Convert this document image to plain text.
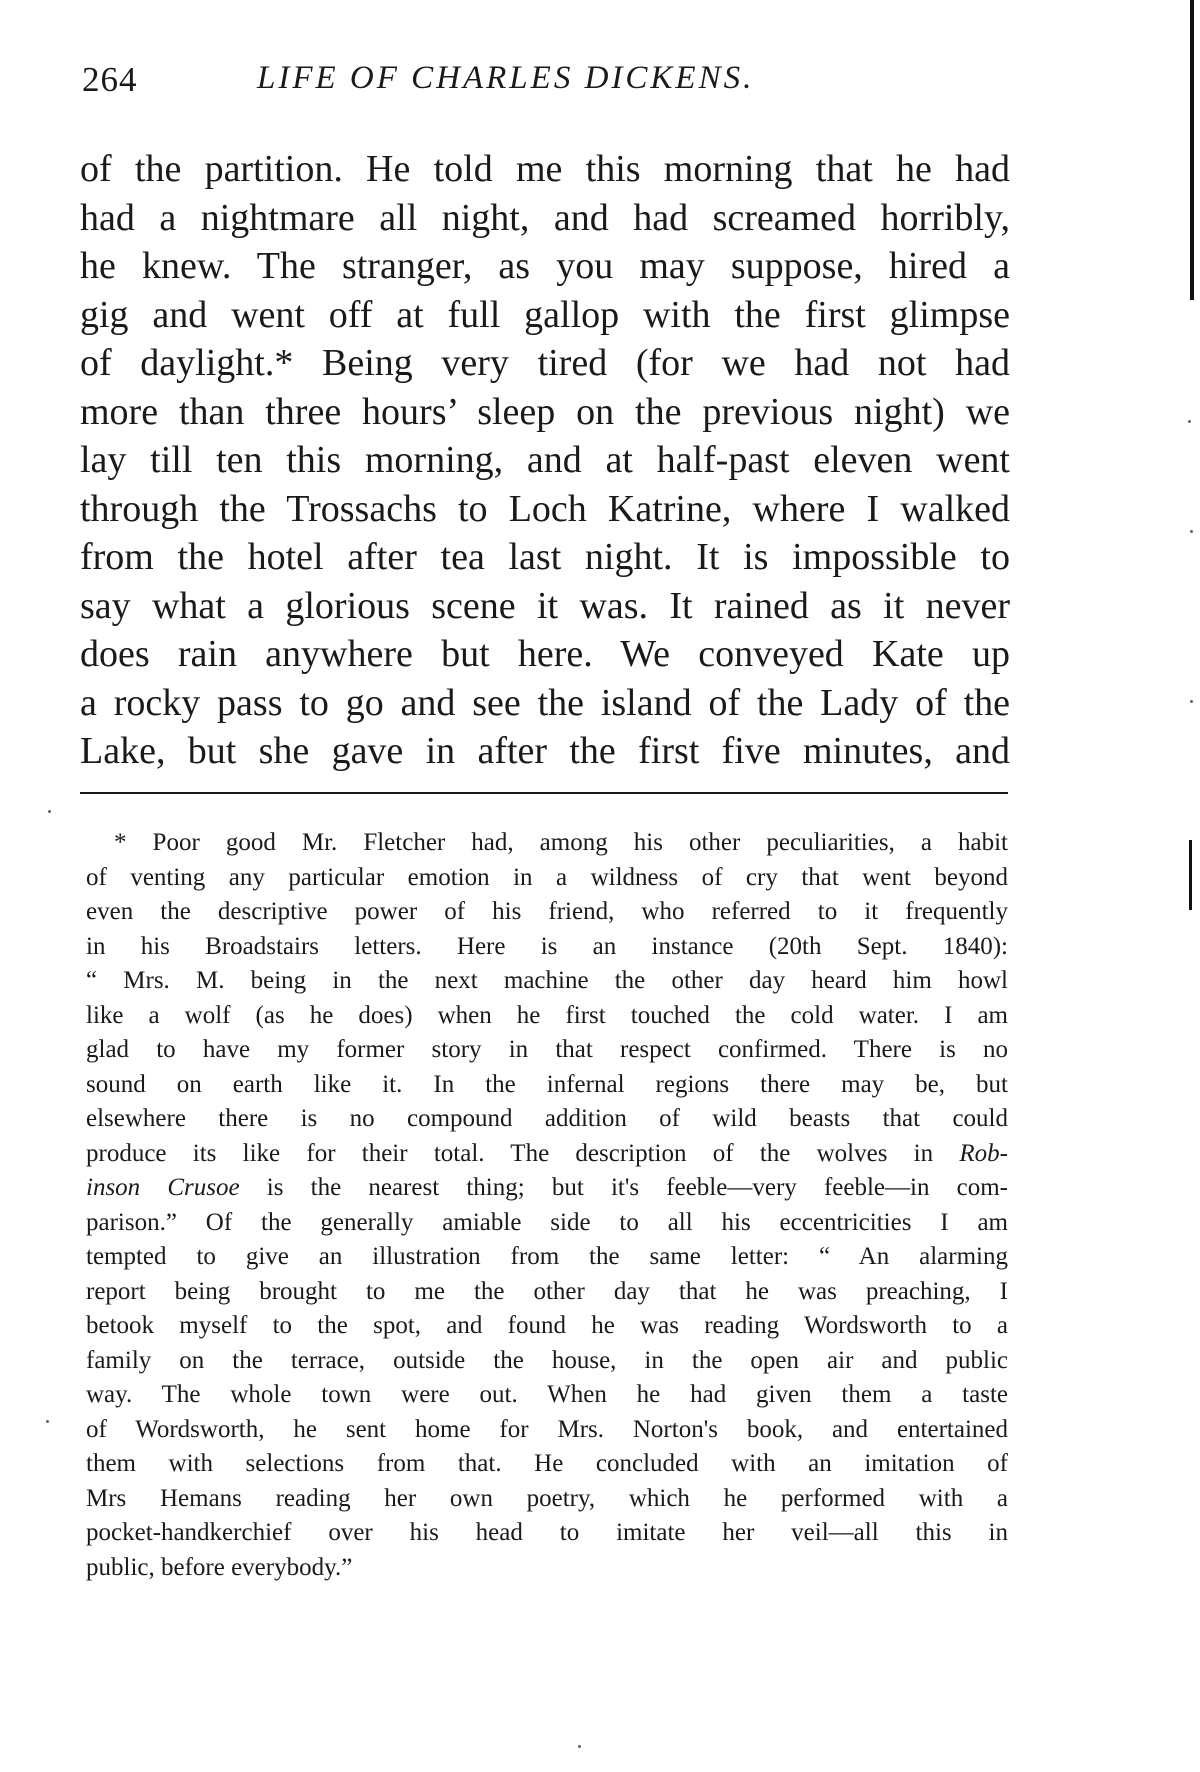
264	LIFE OF CHARLES DICKENS.
of the partition. He told me this morning that he had
had a nightmare all night, and had screamed horribly,
he knew. The stranger, as you may suppose, hired a
gig and went off at full gallop with the first glimpse
of daylight.* Being very tired (for we had not had
more than three hours’ sleep on the previous night) we
lay till ten this morning, and at half-past eleven went
through the Trossachs to Loch Katrine, where I walked
from the hotel after tea last night. It is impossible to
say what a glorious scene it was. It rained as it never
does rain anywhere but here. We conveyed Kate up
a rocky pass to go and see the island of the Lady of the
Lake, but she gave in after the first five minutes, and
* Poor good Mr. Fletcher had, among his other peculiarities, a habit
of venting any particular emotion in a wildness of cry that went beyond
even the descriptive power of his friend, who referred to it frequently
in his Broadstairs letters. Here is an instance (20th Sept. 1840):
“ Mrs. M. being in the next machine the other day heard him howl
like a wolf (as he does) when he first touched the cold water. I am
glad to have my former story in that respect confirmed. There is no
sound on earth like it. In the infernal regions there may be, but
elsewhere there is no compound addition of wild beasts that could
produce its like for their total. The description of the wolves in Rob-
inson Crusoe is the nearest thing; but it's feeble—very feeble—in com-
parison.” Of the generally amiable side to all his eccentricities I am
tempted to give an illustration from the same letter: “ An alarming
report being brought to me the other day that he was preaching, I
betook myself to the spot, and found he was reading Wordsworth to a
family on the terrace, outside the house, in the open air and public
way. The whole town were out. When he had given them a taste
of Wordsworth, he sent home for Mrs. Norton's book, and entertained
them with selections from that. He concluded with an imitation of
Mrs Hemans reading her own poetry, which he performed with a
pocket-handkerchief over his head to imitate her veil—all this in
public, before everybody.”
